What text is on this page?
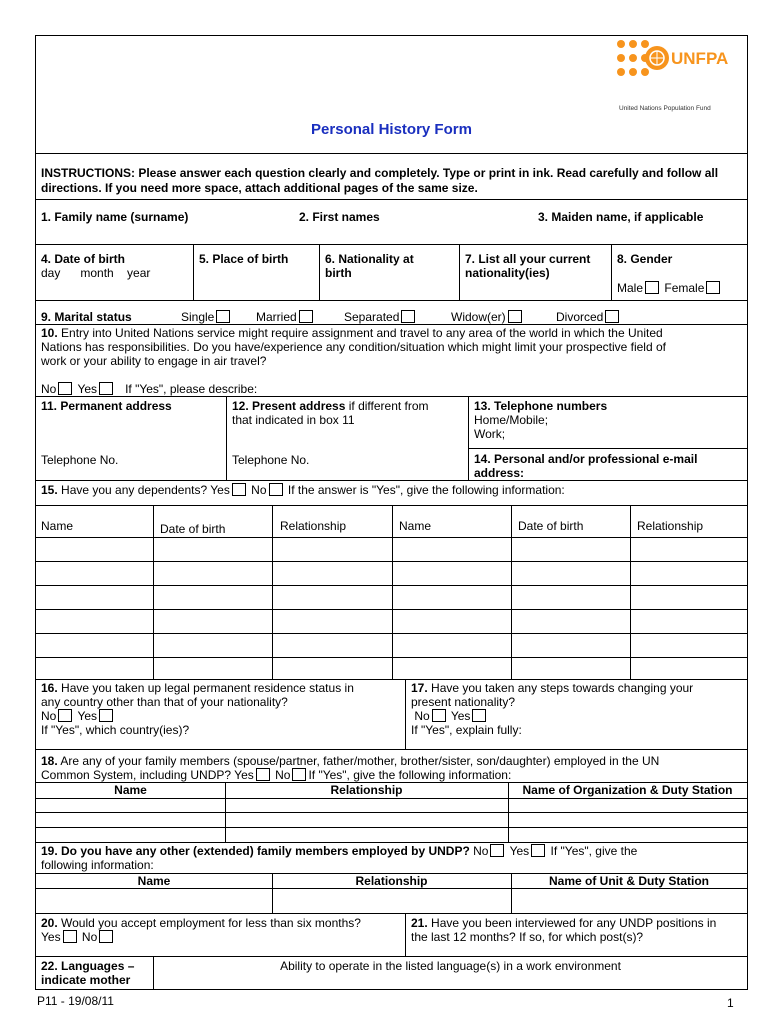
UNFPA
United Nations Population Fund
Personal History Form
INSTRUCTIONS: Please answer each question clearly and completely. Type or print in ink. Read carefully and follow all directions. If you need more space, attach additional pages of the same size.
1. Family name (surname)	2. First names	3. Maiden name, if applicable
4. Date of birth
day      month    year
5. Place of birth	6. Nationality at
birth
7. List all your current
nationality(ies)
8. Gender
Male Female
9. Marital status	Single	Married	Separated	Widow(er)	Divorced
10. Entry into United Nations service might require assignment and travel to any area of the world in which the United
Nations has responsibilities. Do you have/experience any condition/situation which might limit your prospective field of
work or your ability to engage in air travel?
No Yes If "Yes", please describe:
11. Permanent address
Telephone No.
12. Present address if different from
that indicated in box 11
Telephone No.
13. Telephone numbers
Home/Mobile;
Work;
14. Personal and/or professional e-mail
address:
15. Have you any dependents? Yes No If the answer is "Yes", give the following information:
Name	Date of birth	Relationship	Name	Date of birth	Relationship
16. Have you taken up legal permanent residence status in
any country other than that of your nationality?
No Yes
If "Yes", which country(ies)?
17. Have you taken any steps towards changing your
present nationality?
No Yes
If "Yes", explain fully:
18. Are any of your family members (spouse/partner, father/mother, brother/sister, son/daughter) employed in the UN
Common System, including UNDP? Yes No If "Yes", give the following information:
Name	Relationship	Name of Organization & Duty Station
19. Do you have any other (extended) family members employed by UNDP? No Yes If "Yes", give the
following information:
Name	Relationship	Name of Unit & Duty Station
20. Would you accept employment for less than six months?
Yes No
21. Have you been interviewed for any UNDP positions in
the last 12 months? If so, for which post(s)?
22. Languages –
indicate mother
Ability to operate in the listed language(s) in a work environment
P11 - 19/08/11	1
